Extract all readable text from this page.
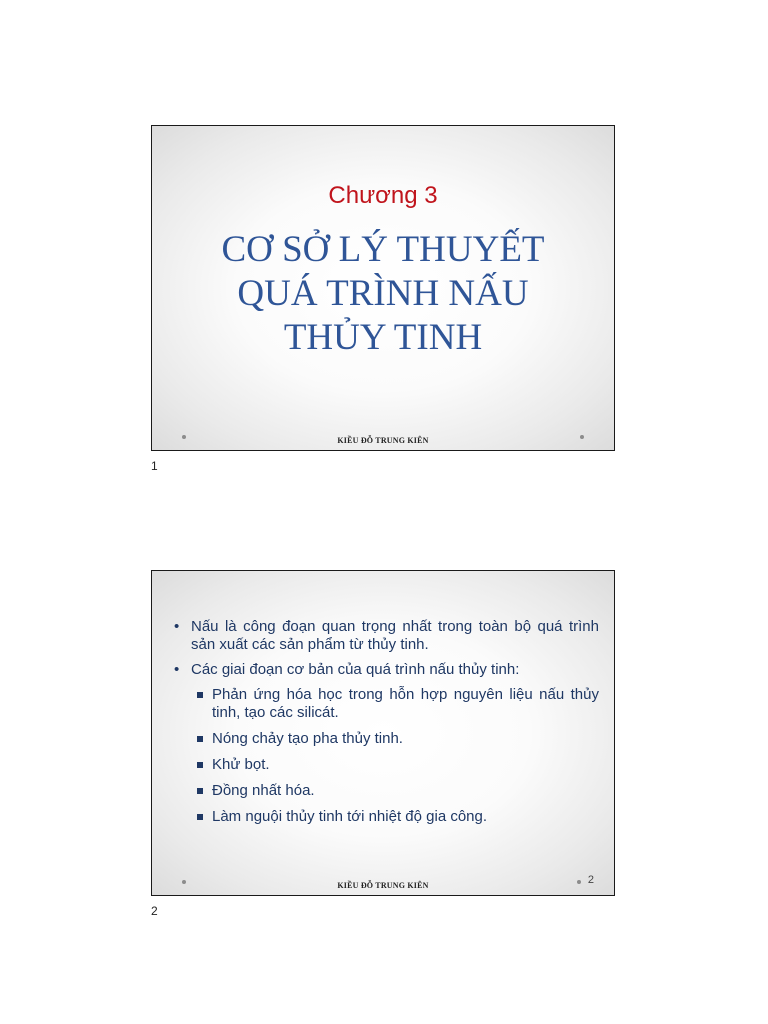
Chương 3
CƠ SỞ LÝ THUYẾT
QUÁ TRÌNH NẤU
THỦY TINH
KIỀU ĐỖ TRUNG KIÊN
1
• Nấu là công đoạn quan trọng nhất trong toàn bộ quá trình sản xuất các sản phẩm từ thủy tinh.
• Các giai đoạn cơ bản của quá trình nấu thủy tinh:
Phản ứng hóa học trong hỗn hợp nguyên liệu nấu thủy tinh, tạo các silicát.
Nóng chảy tạo pha thủy tinh.
Khử bọt.
Đồng nhất hóa.
Làm nguội thủy tinh tới nhiệt độ gia công.
2
KIỀU ĐỖ TRUNG KIÊN
2
